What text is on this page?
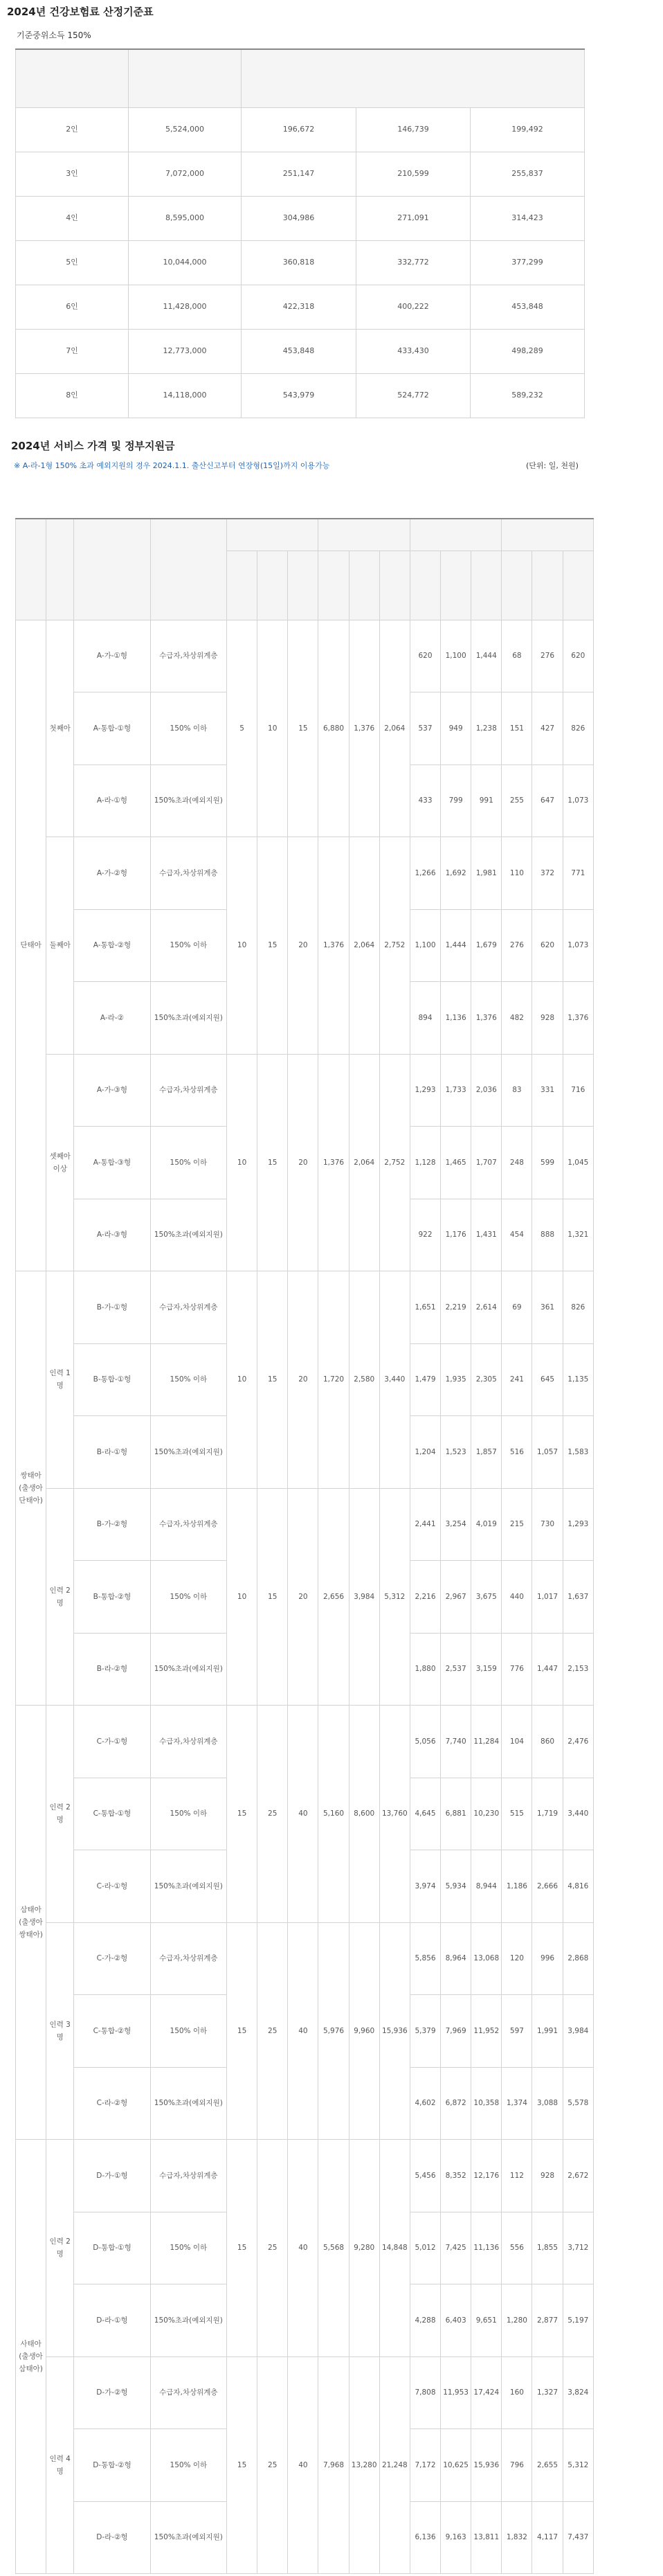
2024년 건강보험료 산정기준표
기준중위소득 150%

2인	5,524,000	196,672	146,739	199,492
3인	7,072,000	251,147	210,599	255,837
4인	8,595,000	304,986	271,091	314,423
5인	10,044,000	360,818	332,772	377,299
6인	11,428,000	422,318	400,222	453,848
7인	12,773,000	453,848	433,430	498,289
8인	14,118,000	543,979	524,772	589,232
2024년 서비스 가격 및 정부지원금
※ A-라-1형 150% 초과 예외지원의 경우 2024.1.1. 출산신고부터 연장형(15일)까지 이용가능	(단위: 일, 천원)

단태아	첫째아	A-가-①형	수급자,차상위계층	5	10	15	6,880	1,376	2,064	620	1,100	1,444	68	276	620
		A-통합-①형	150% 이하							537	949	1,238	151	427	826
		A-라-①형	150%초과(예외지원)							433	799	991	255	647	1,073
	둘째아	A-가-②형	수급자,차상위계층	10	15	20	1,376	2,064	2,752	1,266	1,692	1,981	110	372	771
		A-통합-②형	150% 이하							1,100	1,444	1,679	276	620	1,073
		A-라-②	150%초과(예외지원)							894	1,136	1,376	482	928	1,376
	셋째아 이상	A-가-③형	수급자,차상위계층	10	15	20	1,376	2,064	2,752	1,293	1,733	2,036	83	331	716
		A-통합-③형	150% 이하							1,128	1,465	1,707	248	599	1,045
		A-라-③형	150%초과(예외지원)							922	1,176	1,431	454	888	1,321
쌍태아 (출생아 단태아)	인력 1명	B-가-①형	수급자,차상위계층	10	15	20	1,720	2,580	3,440	1,651	2,219	2,614	69	361	826
		B-통합-①형	150% 이하							1,479	1,935	2,305	241	645	1,135
		B-라-①형	150%초과(예외지원)							1,204	1,523	1,857	516	1,057	1,583
	인력 2명	B-가-②형	수급자,차상위계층	10	15	20	2,656	3,984	5,312	2,441	3,254	4,019	215	730	1,293
		B-통합-②형	150% 이하							2,216	2,967	3,675	440	1,017	1,637
		B-라-②형	150%초과(예외지원)							1,880	2,537	3,159	776	1,447	2,153
삼태아 (출생아 쌍태아)	인력 2명	C-가-①형	수급자,차상위계층	15	25	40	5,160	8,600	13,760	5,056	7,740	11,284	104	860	2,476
		C-통합-①형	150% 이하							4,645	6,881	10,230	515	1,719	3,440
		C-라-①형	150%초과(예외지원)							3,974	5,934	8,944	1,186	2,666	4,816
	인력 3명	C-가-②형	수급자,차상위계층	15	25	40	5,976	9,960	15,936	5,856	8,964	13,068	120	996	2,868
		C-통합-②형	150% 이하							5,379	7,969	11,952	597	1,991	3,984
		C-라-②형	150%초과(예외지원)							4,602	6,872	10,358	1,374	3,088	5,578
사태아 (출생아 삼태아)	인력 2명	D-가-①형	수급자,차상위계층	15	25	40	5,568	9,280	14,848	5,456	8,352	12,176	112	928	2,672
		D-통합-①형	150% 이하							5,012	7,425	11,136	556	1,855	3,712
		D-라-①형	150%초과(예외지원)							4,288	6,403	9,651	1,280	2,877	5,197
	인력 4명	D-가-②형	수급자,차상위계층	15	25	40	7,968	13,280	21,248	7,808	11,953	17,424	160	1,327	3,824
		D-통합-②형	150% 이하							7,172	10,625	15,936	796	2,655	5,312
		D-라-②형	150%초과(예외지원)							6,136	9,163	13,811	1,832	4,117	7,437
